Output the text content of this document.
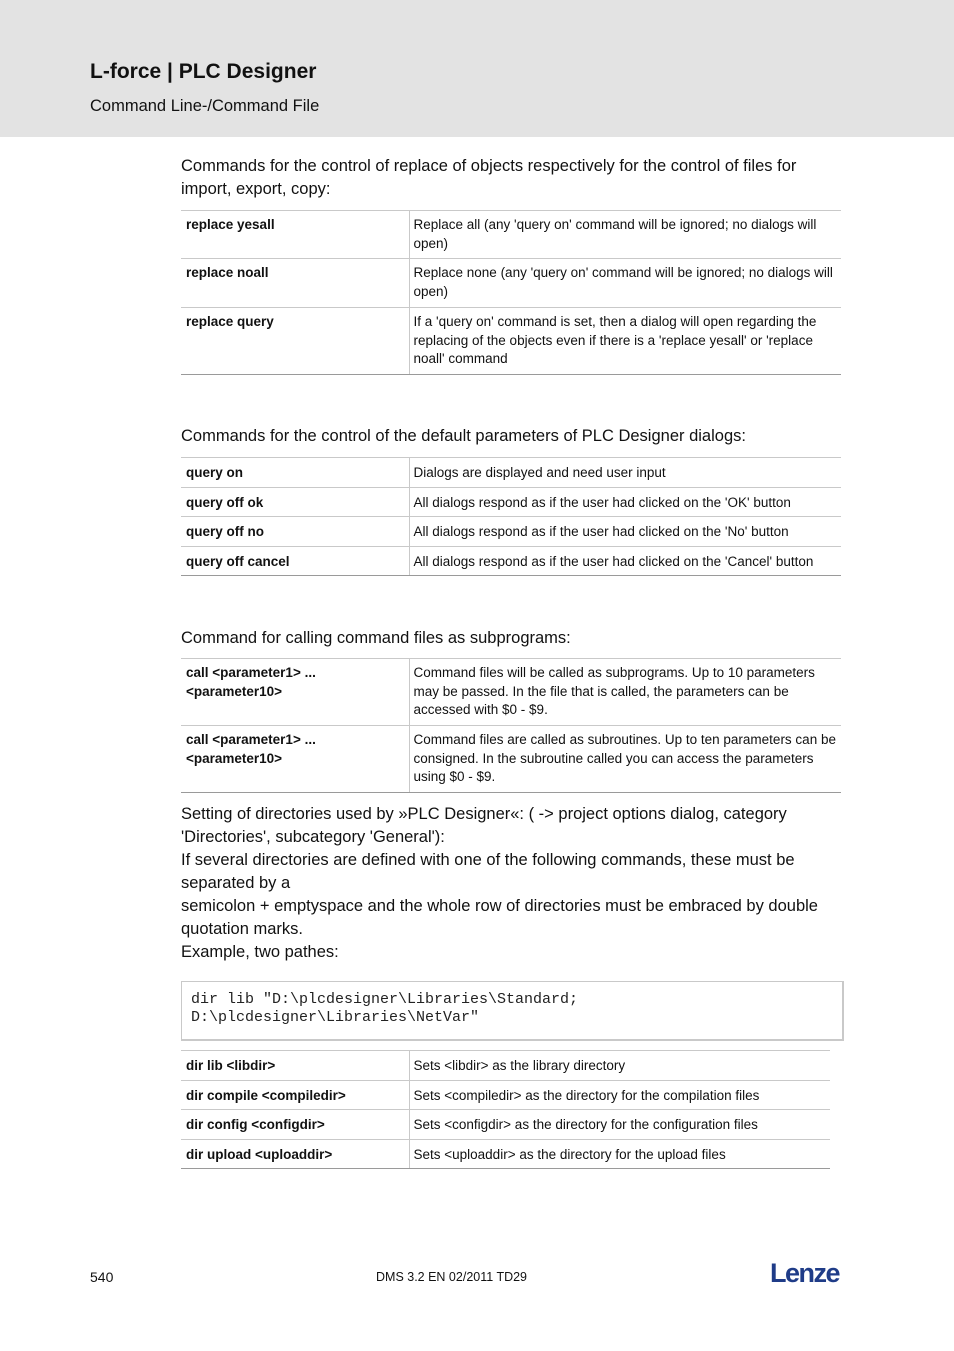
L-force | PLC Designer
Command Line-/Command File
Commands for the control of replace of objects respectively for the control of files for import, export, copy:
replace yesall	Replace all (any 'query on' command will be ignored; no dialogs will open)
replace noall	Replace none (any 'query on' command will be ignored; no dialogs will open)
replace query	If a 'query on' command is set, then a dialog will open regarding the replacing of the objects even if there is a 'replace yesall' or 'replace noall' command
Commands for the control of the default parameters of PLC Designer dialogs:
query on	Dialogs are displayed and need user input
query off ok	All dialogs respond as if the user had clicked on the 'OK' button
query off no	All dialogs respond as if the user had clicked on the 'No' button
query off cancel	All dialogs respond as if the user had clicked on the 'Cancel' button
Command for calling command files as subprograms:
call <parameter1> ...
<parameter10>	Command files will be called as subprograms. Up to 10 parameters may be passed. In the file that is called, the parameters can be accessed with $0 - $9.

call <parameter1> ...
<parameter10>	Command files are called as subroutines. Up to ten parameters can be consigned. In the subroutine called you can access the parameters using $0 - $9.
Setting of directories used by »PLC Designer«: ( -> project options dialog, category 'Directories', subcategory 'General'):
If several directories are defined with one of the following commands, these must be separated by a
semicolon + emptyspace and the whole row of directories must be embraced by double quotation marks.
Example, two pathes:
dir lib "D:\plcdesigner\Libraries\Standard;
D:\plcdesigner\Libraries\NetVar"
dir lib <libdir>	Sets <libdir> as the library directory
dir compile <compiledir>	Sets <compiledir> as the directory for the compilation files
dir config <configdir>	Sets <configdir> as the directory for the configuration files
dir upload <uploaddir>	Sets <uploaddir> as the directory for the upload files
540	DMS 3.2 EN 02/2011 TD29	Lenze
